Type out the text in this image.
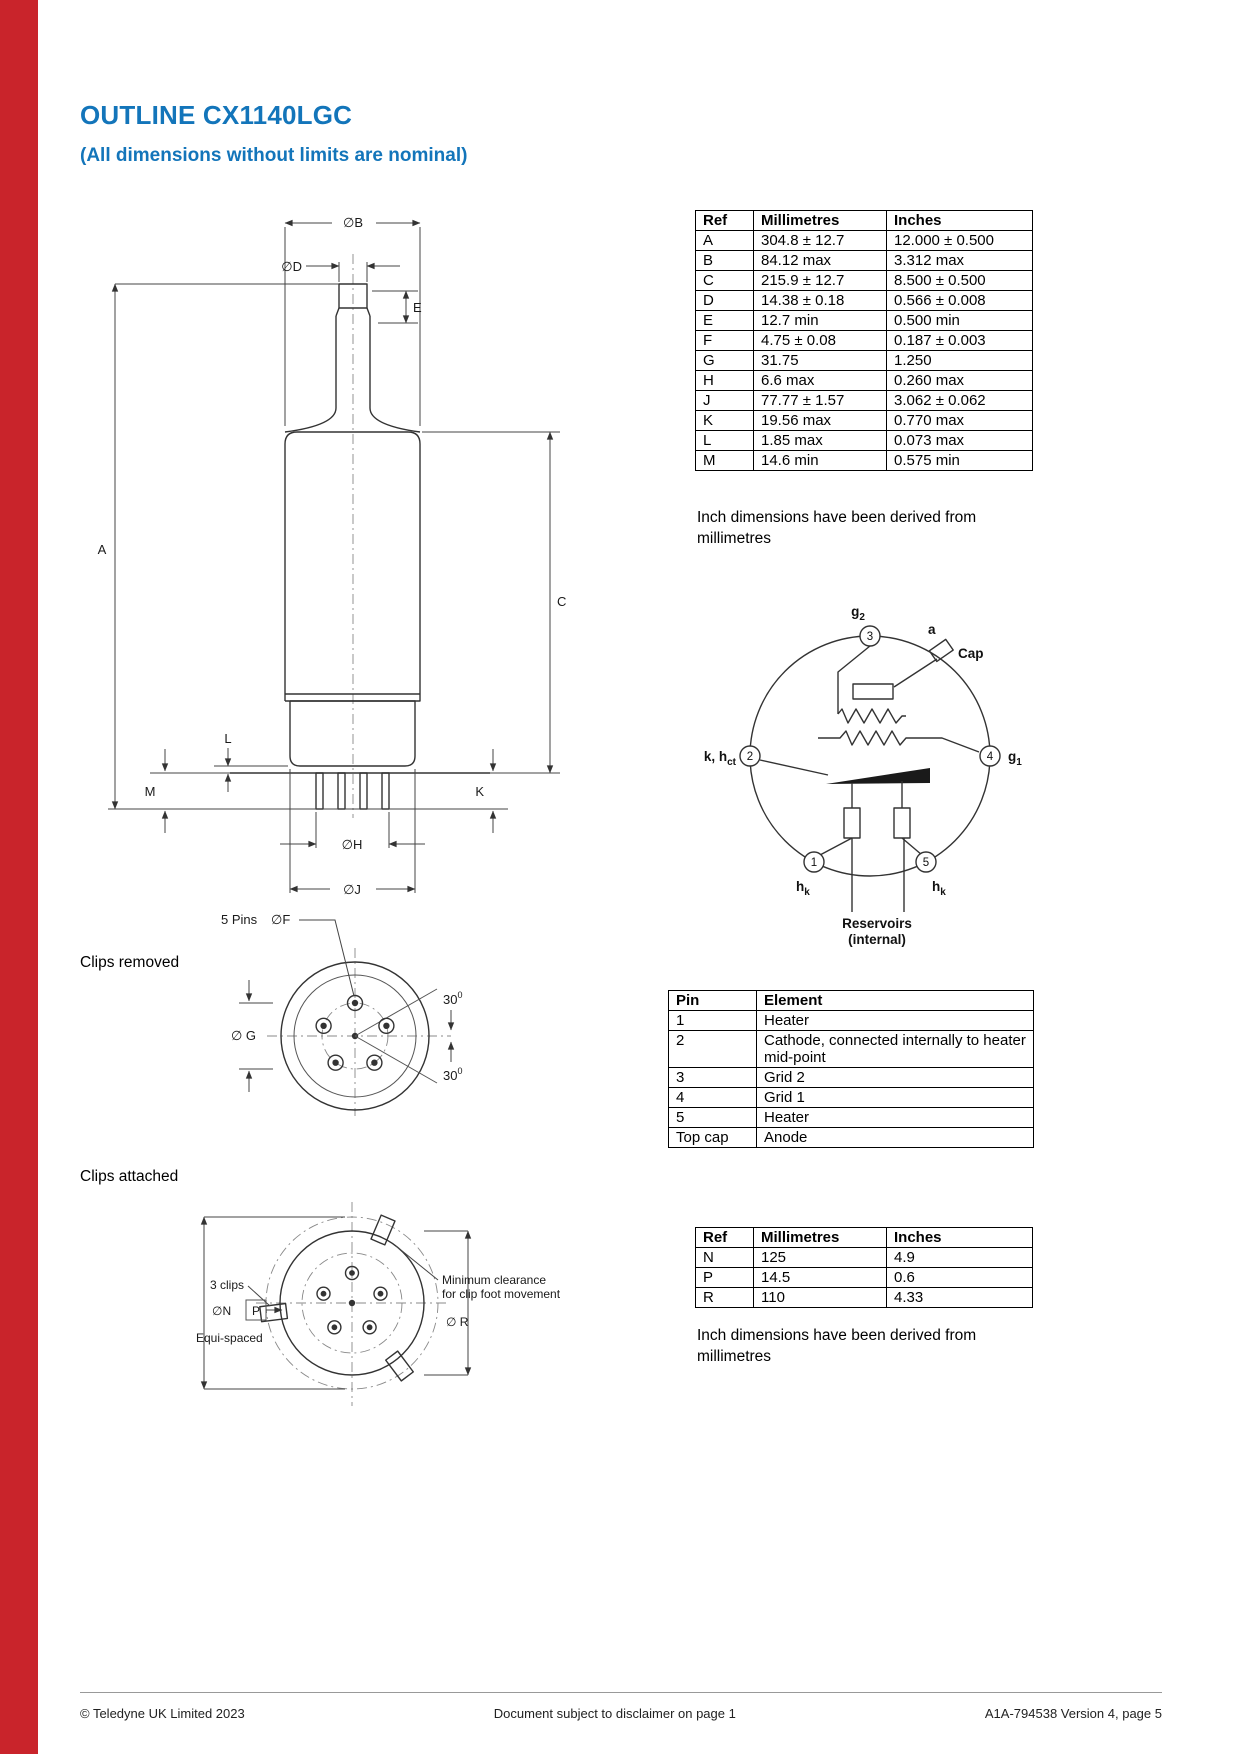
OUTLINE CX1140LGC
(All dimensions without limits are nominal)
∅B
∅D
E
A
C
L
M	K
∅H
∅J
Ref	Millimetres	Inches
A	304.8 ± 12.7	12.000 ± 0.500
B	84.12 max	3.312 max
C	215.9 ± 12.7	8.500 ± 0.500
D	14.38 ± 0.18	0.566 ± 0.008
E	12.7 min	0.500 min
F	4.75 ± 0.08	0.187 ± 0.003
G	31.75	1.250
H	6.6 max	0.260 max
J	77.77 ± 1.57	3.062 ± 0.062
K	19.56 max	0.770 max
L	1.85 max	0.073 max
M	14.6 min	0.575 min
Inch dimensions have been derived from millimetres
3
2	4
1	5
$g_2$
a
Cap
k, $h_{ct}$	$g_1$
$h_k$	$h_k$
Reservoirs
(internal)
Clips removed
5 Pins ∅F
∅ G
$30^0$
$30^0$
Pin	Element
1	Heater
2	Cathode, connected internally to heater mid-point
3	Grid 2
4	Grid 1
5	Heater
Top cap	Anode
Clips attached
3 clips
∅N P
Equi-spaced
Minimum clearance
for clip foot movement
∅ R
Ref	Millimetres	Inches
N	125	4.9
P	14.5	0.6
R	110	4.33
Inch dimensions have been derived from millimetres
© Teledyne UK Limited 2023	Document subject to disclaimer on page 1	A1A-794538 Version 4, page 5
